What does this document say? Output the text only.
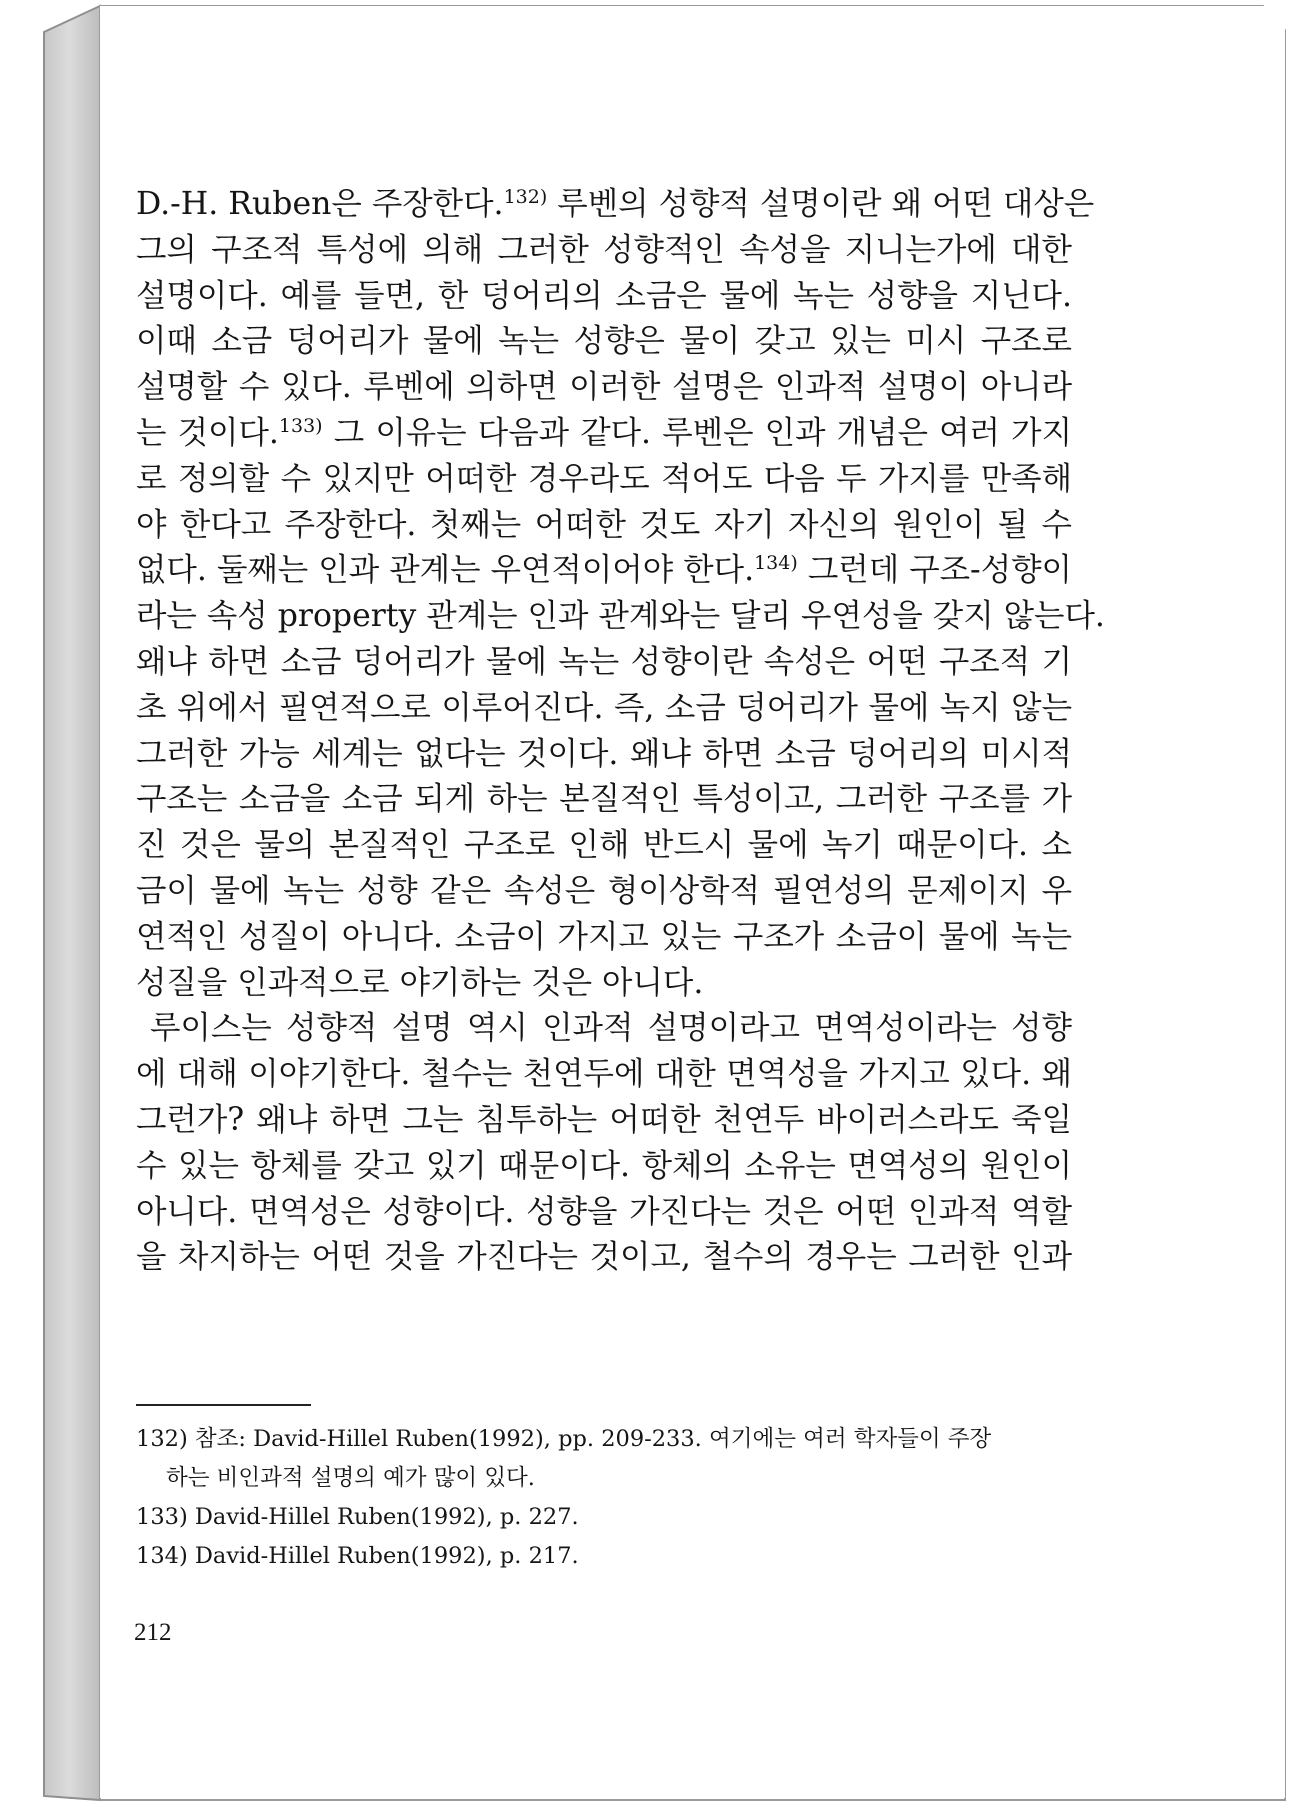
D.-H. Ruben은 주장한다.$^{132)}$ 루벤의 성향적 설명이란 왜 어떤 대상은
그의 구조적 특성에 의해 그러한 성향적인 속성을 지니는가에 대한
설명이다. 예를 들면, 한 덩어리의 소금은 물에 녹는 성향을 지닌다.
이때 소금 덩어리가 물에 녹는 성향은 물이 갖고 있는 미시 구조로
설명할 수 있다. 루벤에 의하면 이러한 설명은 인과적 설명이 아니라
는 것이다.$^{133)}$ 그 이유는 다음과 같다. 루벤은 인과 개념은 여러 가지
로 정의할 수 있지만 어떠한 경우라도 적어도 다음 두 가지를 만족해
야 한다고 주장한다. 첫째는 어떠한 것도 자기 자신의 원인이 될 수
없다. 둘째는 인과 관계는 우연적이어야 한다.$^{134)}$ 그런데 구조-성향이
라는 속성 property 관계는 인과 관계와는 달리 우연성을 갖지 않는다.
왜냐 하면 소금 덩어리가 물에 녹는 성향이란 속성은 어떤 구조적 기
초 위에서 필연적으로 이루어진다. 즉, 소금 덩어리가 물에 녹지 않는
그러한 가능 세계는 없다는 것이다. 왜냐 하면 소금 덩어리의 미시적
구조는 소금을 소금 되게 하는 본질적인 특성이고, 그러한 구조를 가
진 것은 물의 본질적인 구조로 인해 반드시 물에 녹기 때문이다. 소
금이 물에 녹는 성향 같은 속성은 형이상학적 필연성의 문제이지 우
연적인 성질이 아니다. 소금이 가지고 있는 구조가 소금이 물에 녹는
성질을 인과적으로 야기하는 것은 아니다.
루이스는 성향적 설명 역시 인과적 설명이라고 면역성이라는 성향
에 대해 이야기한다. 철수는 천연두에 대한 면역성을 가지고 있다. 왜
그런가? 왜냐 하면 그는 침투하는 어떠한 천연두 바이러스라도 죽일
수 있는 항체를 갖고 있기 때문이다. 항체의 소유는 면역성의 원인이
아니다. 면역성은 성향이다. 성향을 가진다는 것은 어떤 인과적 역할
을 차지하는 어떤 것을 가진다는 것이고, 철수의 경우는 그러한 인과
132) 참조: David-Hillel Ruben(1992), pp. 209-233. 여기에는 여러 학자들이 주장
하는 비인과적 설명의 예가 많이 있다.
133) David-Hillel Ruben(1992), p. 227.
134) David-Hillel Ruben(1992), p. 217.
212
